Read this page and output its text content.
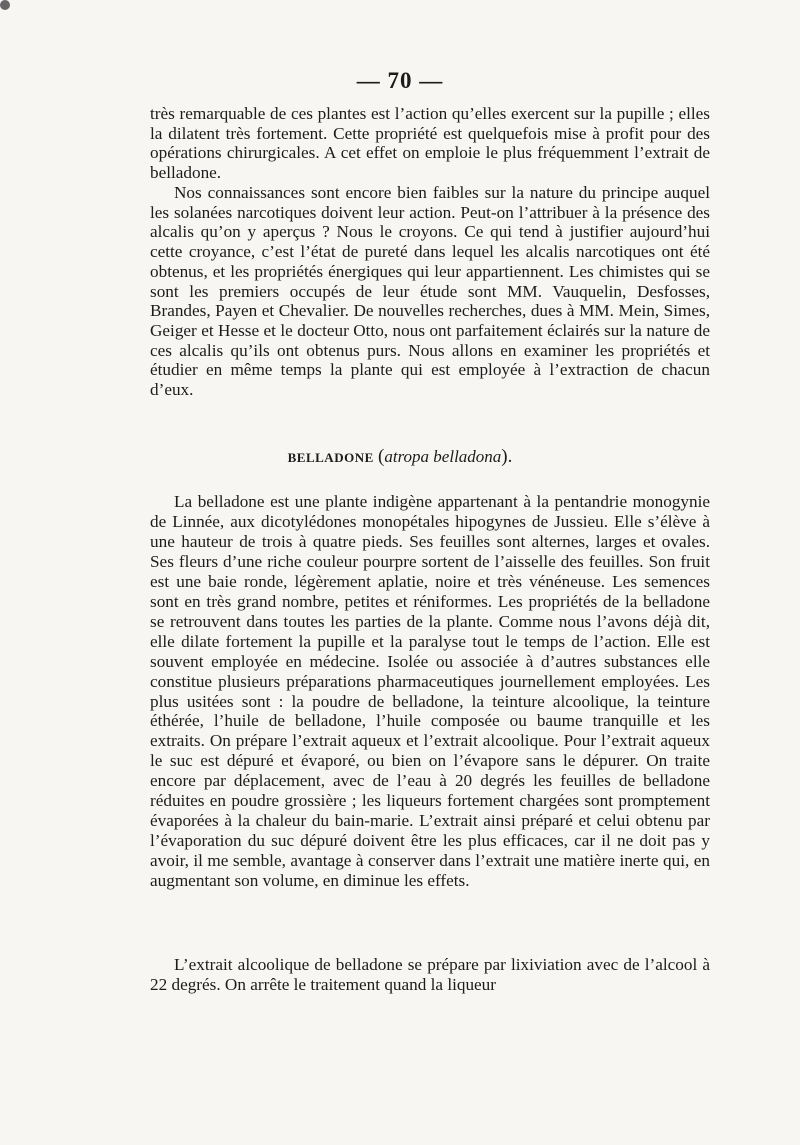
— 70 —

très remarquable de ces plantes est l’action qu’elles exercent sur la pupille ; elles la dilatent très fortement. Cette propriété est quelquefois mise à profit pour des opérations chirurgicales. A cet effet on emploie le plus fréquemment l’extrait de belladone.

Nos connaissances sont encore bien faibles sur la nature du principe auquel les solanées narcotiques doivent leur action. Peut-on l’attribuer à la présence des alcalis qu’on y aperçus ? Nous le croyons. Ce qui tend à justifier aujourd’hui cette croyance, c’est l’état de pureté dans lequel les alcalis narcotiques ont été obtenus, et les propriétés énergiques qui leur appartiennent. Les chimistes qui se sont les premiers occupés de leur étude sont MM. Vauquelin, Desfosses, Brandes, Payen et Chevalier. De nouvelles recherches, dues à MM. Mein, Simes, Geiger et Hesse et le docteur Otto, nous ont parfaitement éclairés sur la nature de ces alcalis qu’ils ont obtenus purs. Nous allons en examiner les propriétés et étudier en même temps la plante qui est employée à l’extraction de chacun d’eux.

BELLADONE (atropa belladona).

La belladone est une plante indigène appartenant à la pentandrie monogynie de Linnée, aux dicotylédones monopétales hipogynes de Jussieu. Elle s’élève à une hauteur de trois à quatre pieds. Ses feuilles sont alternes, larges et ovales. Ses fleurs d’une riche couleur pourpre sortent de l’aisselle des feuilles. Son fruit est une baie ronde, légèrement aplatie, noire et très vénéneuse. Les semences sont en très grand nombre, petites et réniformes. Les propriétés de la belladone se retrouvent dans toutes les parties de la plante. Comme nous l’avons déjà dit, elle dilate fortement la pupille et la paralyse tout le temps de l’action. Elle est souvent employée en médecine. Isolée ou associée à d’autres substances elle constitue plusieurs préparations pharmaceutiques journellement employées. Les plus usitées sont : la poudre de belladone, la teinture alcoolique, la teinture éthérée, l’huile de belladone, l’huile composée ou baume tranquille et les extraits. On prépare l’extrait aqueux et l’extrait alcoolique. Pour l’extrait aqueux le suc est dépuré et évaporé, ou bien on l’évapore sans le dépurer. On traite encore par déplacement, avec de l’eau à 20 degrés les feuilles de belladone réduites en poudre grossière ; les liqueurs fortement chargées sont promptement évaporées à la chaleur du bain-marie. L’extrait ainsi préparé et celui obtenu par l’évaporation du suc dépuré doivent être les plus efficaces, car il ne doit pas y avoir, il me semble, avantage à conserver dans l’extrait une matière inerte qui, en augmentant son volume, en diminue les effets.

L’extrait alcoolique de belladone se prépare par lixiviation avec de l’alcool à 22 degrés. On arrête le traitement quand la liqueur
